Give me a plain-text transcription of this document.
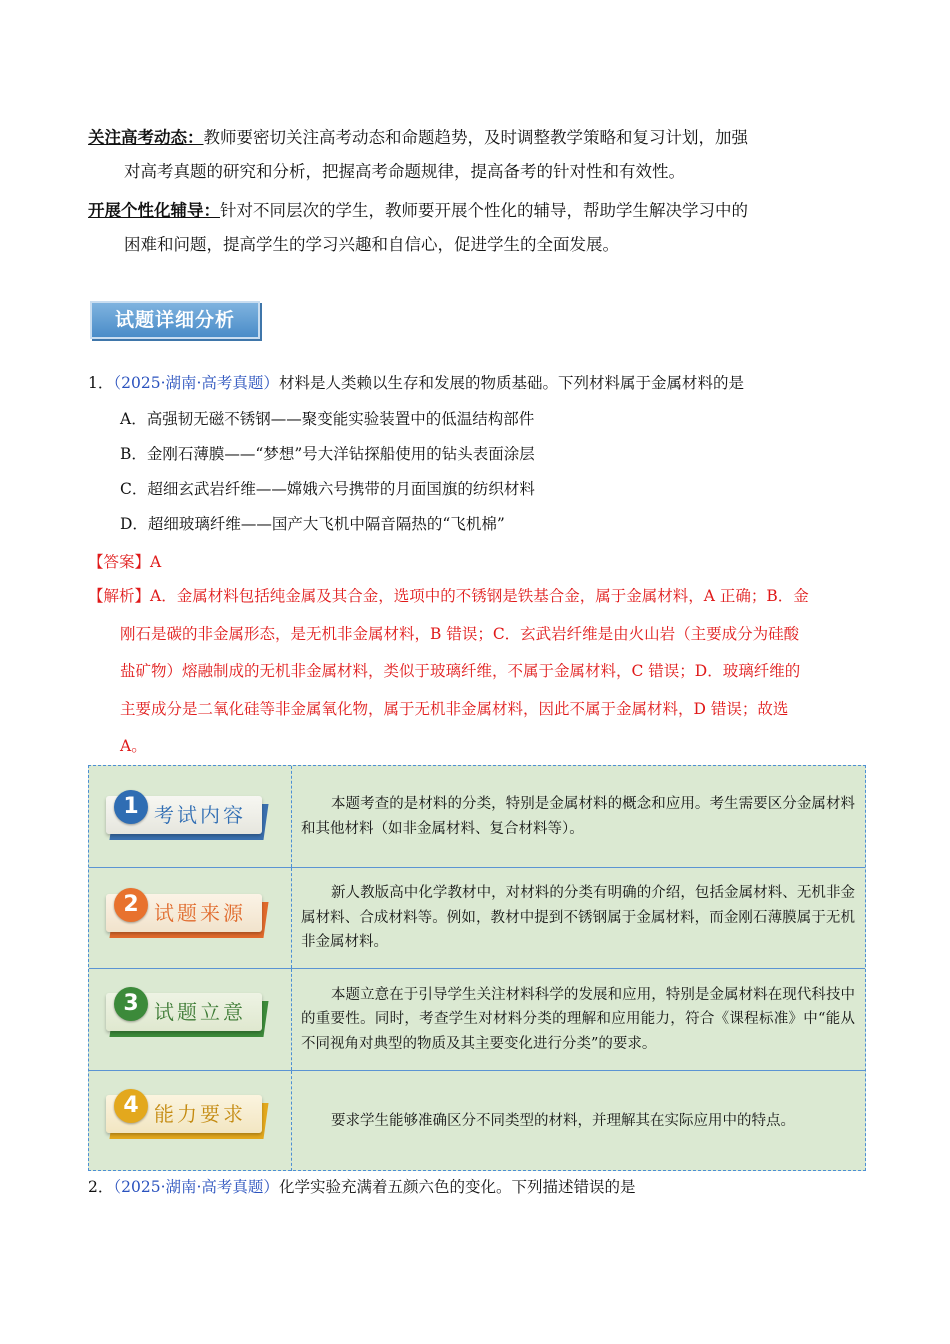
关注高考动态：教师要密切关注高考动态和命题趋势，及时调整教学策略和复习计划，加强
对高考真题的研究和分析，把握高考命题规律，提高备考的针对性和有效性。
开展个性化辅导：针对不同层次的学生，教师要开展个性化的辅导，帮助学生解决学习中的
困难和问题，提高学生的学习兴趣和自信心，促进学生的全面发展。
试题详细分析
1．（2025·湖南·高考真题）材料是人类赖以生存和发展的物质基础。下列材料属于金属材料的是
A．高强韧无磁不锈钢——聚变能实验装置中的低温结构部件
B．金刚石薄膜——“梦想”号大洋钻探船使用的钻头表面涂层
C．超细玄武岩纤维——嫦娥六号携带的月面国旗的纺织材料
D．超细玻璃纤维——国产大飞机中隔音隔热的“飞机棉”
【答案】A
【解析】A．金属材料包括纯金属及其合金，选项中的不锈钢是铁基合金，属于金属材料，A 正确；B．金
刚石是碳的非金属形态，是无机非金属材料，B 错误；C．玄武岩纤维是由火山岩（主要成分为硅酸
盐矿物）熔融制成的无机非金属材料，类似于玻璃纤维，不属于金属材料，C 错误；D．玻璃纤维的
主要成分是二氧化硅等非金属氧化物，属于无机非金属材料，因此不属于金属材料，D 错误；故选
A。
1 考试内容	本题考查的是材料的分类，特别是金属材料的概念和应用。考生需要区分金属材料和其他材料（如非金属材料、复合材料等）。

2 试题来源

新人教版高中化学教材中，对材料的分类有明确的介绍，包括金属材料、无机非金属材料、合成材料等。例如，教材中提到不锈钢属于金属材料，而金刚石薄膜属于无机非金属材料。

3 试题立意

本题立意在于引导学生关注材料科学的发展和应用，特别是金属材料在现代科技中的重要性。同时，考查学生对材料分类的理解和应用能力，符合《课程标准》中“能从不同视角对典型的物质及其主要变化进行分类”的要求。

4 能力要求	要求学生能够准确区分不同类型的材料，并理解其在实际应用中的特点。

2．（2025·湖南·高考真题）化学实验充满着五颜六色的变化。下列描述错误的是
